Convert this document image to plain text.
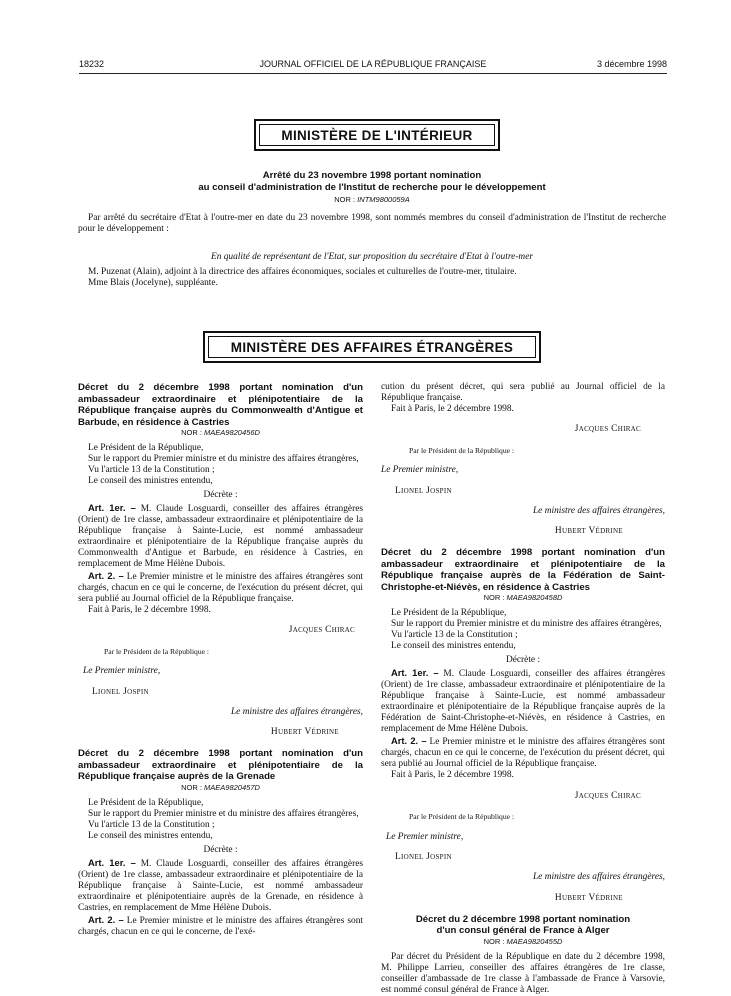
18232	JOURNAL OFFICIEL DE LA RÉPUBLIQUE FRANÇAISE	3 décembre 1998
MINISTÈRE DE L'INTÉRIEUR
Arrêté du 23 novembre 1998 portant nomination
au conseil d'administration de l'Institut de recherche pour le développement
NOR : INTM9800059A

Par arrêté du secrétaire d'Etat à l'outre-mer en date du 23 novembre 1998, sont nommés membres du conseil d'administration de l'Institut de recherche pour le développement :

En qualité de représentant de l'Etat, sur proposition du secrétaire d'Etat à l'outre-mer

M. Puzenat (Alain), adjoint à la directrice des affaires économiques, sociales et culturelles de l'outre-mer, titulaire.

Mme Blais (Jocelyne), suppléante.

MINISTÈRE DES AFFAIRES ÉTRANGÈRES
Décret du 2 décembre 1998 portant nomination d'un ambassadeur extraordinaire et plénipotentiaire de la République française auprès du Commonwealth d'Antigue et Barbude, en résidence à Castries
NOR : MAEA9820456D

Le Président de la République,

Sur le rapport du Premier ministre et du ministre des affaires étrangères,

Vu l'article 13 de la Constitution ;

Le conseil des ministres entendu,

Décrète :

Art. 1er. – M. Claude Losguardi, conseiller des affaires étrangères (Orient) de 1re classe, ambassadeur extraordinaire et plénipotentiaire de la République française à Sainte-Lucie, est nommé ambassadeur extraordinaire et plénipotentiaire de la République française auprès du Commonwealth d'Antigue et Barbude, en résidence à Castries, en remplacement de Mme Hélène Dubois.

Art. 2. – Le Premier ministre et le ministre des affaires étrangères sont chargés, chacun en ce qui le concerne, de l'exécution du présent décret, qui sera publié au Journal officiel de la République française.

Fait à Paris, le 2 décembre 1998.

Jacques Chirac

Par le Président de la République :

Le Premier ministre,

Lionel Jospin

Le ministre des affaires étrangères,

Hubert Védrine

Décret du 2 décembre 1998 portant nomination d'un ambassadeur extraordinaire et plénipotentiaire de la République française auprès de la Grenade
NOR : MAEA9820457D

Le Président de la République,

Sur le rapport du Premier ministre et du ministre des affaires étrangères,

Vu l'article 13 de la Constitution ;

Le conseil des ministres entendu,

Décrète :

Art. 1er. – M. Claude Losguardi, conseiller des affaires étrangères (Orient) de 1re classe, ambassadeur extraordinaire et plénipotentiaire de la République française à Sainte-Lucie, est nommé ambassadeur extraordinaire et plénipotentiaire auprès de la Grenade, en résidence à Castries, en remplacement de Mme Hélène Dubois.

Art. 2. – Le Premier ministre et le ministre des affaires étrangères sont chargés, chacun en ce qui le concerne, de l'exé-

cution du présent décret, qui sera publié au Journal officiel de la République française.

Fait à Paris, le 2 décembre 1998.

Jacques Chirac

Par le Président de la République :

Le Premier ministre,

Lionel Jospin

Le ministre des affaires étrangères,

Hubert Védrine

Décret du 2 décembre 1998 portant nomination d'un ambassadeur extraordinaire et plénipotentiaire de la République française auprès de la Fédération de Saint-Christophe-et-Niévès, en résidence à Castries
NOR : MAEA9820458D

Le Président de la République,

Sur le rapport du Premier ministre et du ministre des affaires étrangères,

Vu l'article 13 de la Constitution ;

Le conseil des ministres entendu,

Décrète :

Art. 1er. – M. Claude Losguardi, conseiller des affaires étrangères (Orient) de 1re classe, ambassadeur extraordinaire et plénipotentiaire de la République française à Sainte-Lucie, est nommé ambassadeur extraordinaire et plénipotentiaire de la République française auprès de la Fédération de Saint-Christophe-et-Niévès, en résidence à Castries, en remplacement de Mme Hélène Dubois.

Art. 2. – Le Premier ministre et le ministre des affaires étrangères sont chargés, chacun en ce qui le concerne, de l'exécution du présent décret, qui sera publié au Journal officiel de la République française.

Fait à Paris, le 2 décembre 1998.

Jacques Chirac

Par le Président de la République :

Le Premier ministre,

Lionel Jospin

Le ministre des affaires étrangères,

Hubert Védrine

Décret du 2 décembre 1998 portant nomination
d'un consul général de France à Alger
NOR : MAEA9820455D

Par décret du Président de la République en date du 2 décembre 1998, M. Philippe Larrieu, conseiller des affaires étrangères de 1re classe, conseiller d'ambassade de 1re classe à l'ambassade de France à Varsovie, est nommé consul général de France à Alger.
